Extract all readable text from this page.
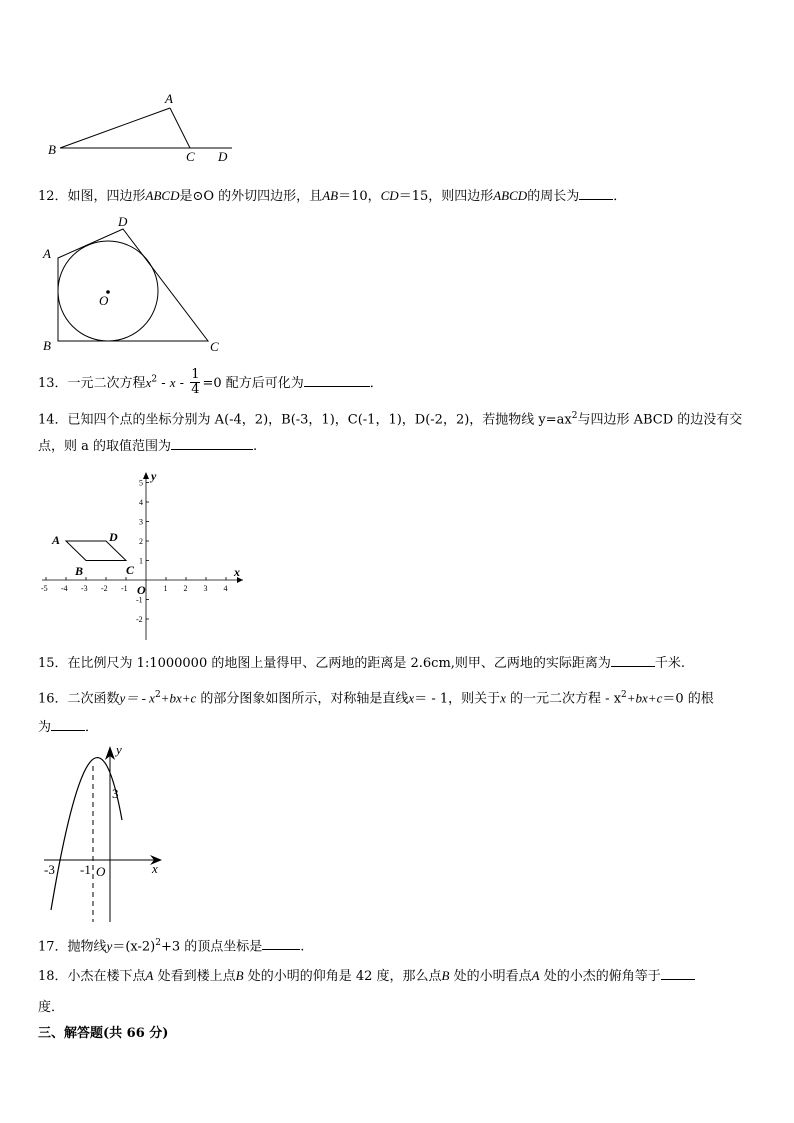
A
B	C D
12．如图，四边形ABCD是⊙O 的外切四边形，且AB＝10，CD＝15，则四边形ABCD的周长为	．
A
D
B	C
O
13．一元二次方程$x^2 - x - \frac{1}{4} =0$ 配方后可化为	．
14．已知四个点的坐标分别为 A(-4，2)，B(-3，1)，C(-1，1)，D(-2，2)，若抛物线 $y=ax^2$与四边形 ABCD 的边没有交
点，则 a 的取值范围为	.
-5 -4 -3 -2 -1	1 2 3 4
5
4
3
2
1
-1
-2
x
y
O
A	D
B	C
15．在比例尺为 1:1000000 的地图上量得甲、乙两地的距离是 2.6cm,则甲、乙两地的实际距离为	千米.
16．二次函数$y= - x^2+bx+c$ 的部分图象如图所示，对称轴是直线x＝ - 1，则关于x 的一元二次方程 - $x^2+bx+c=0$ 的根
为	．
y
x
O
3
-1
-3
17．抛物线$y=(x-2)^2+3$ 的顶点坐标是	.
18．小杰在楼下点A 处看到楼上点B 处的小明的仰角是 42 度，那么点B 处的小明看点A 处的小杰的俯角等于
度．
三、解答题(共 66 分)
